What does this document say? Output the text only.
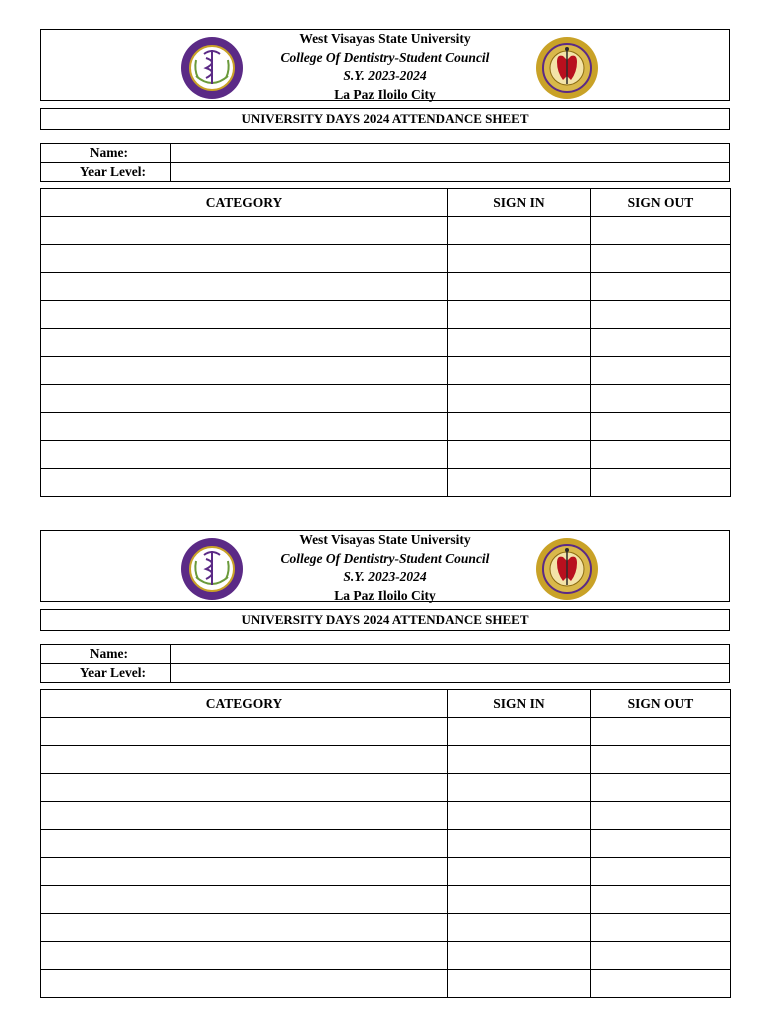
West Visayas State University
College Of Dentistry-Student Council
S.Y. 2023-2024
La Paz Iloilo City
UNIVERSITY DAYS 2024 ATTENDANCE SHEET
Name:
Year Level:
CATEGORY	SIGN IN	SIGN OUT

West Visayas State University
College Of Dentistry-Student Council
S.Y. 2023-2024
La Paz Iloilo City
UNIVERSITY DAYS 2024 ATTENDANCE SHEET
Name:
Year Level:
CATEGORY	SIGN IN	SIGN OUT
